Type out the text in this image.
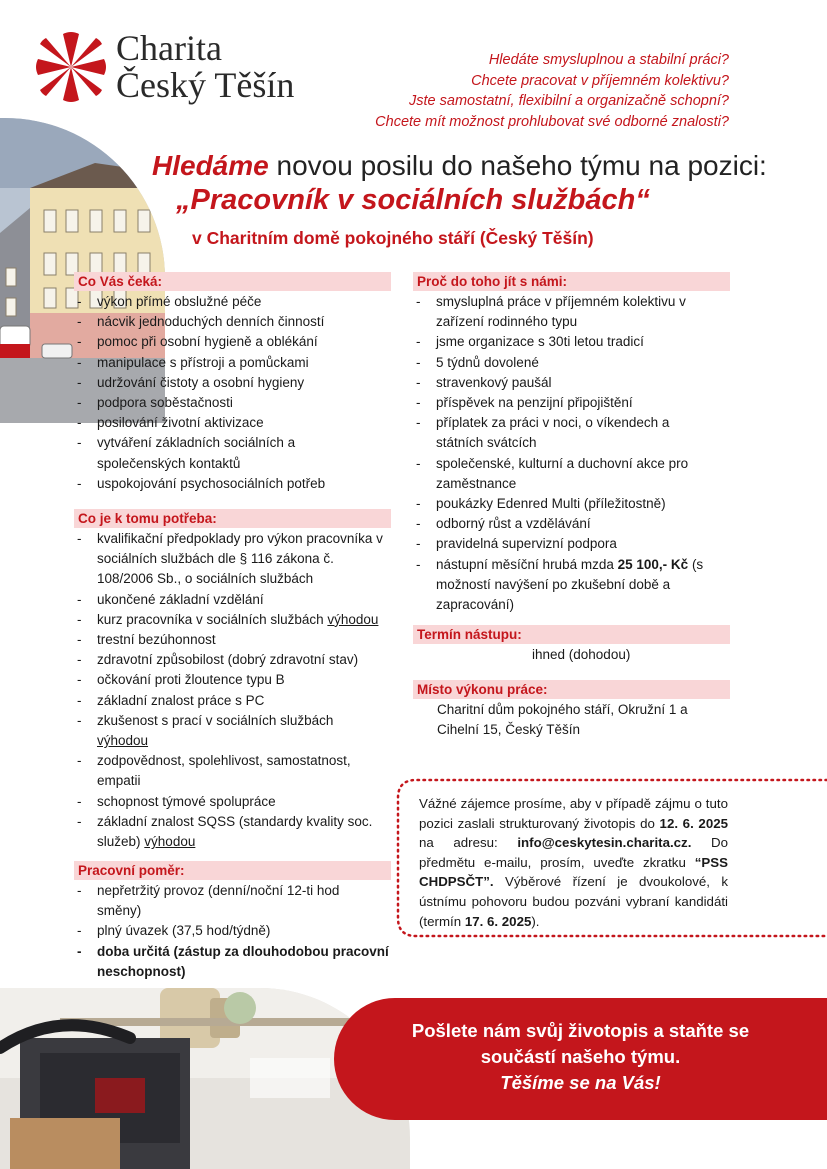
Charita
Český Těšín
Hledáte smysluplnou a stabilní práci?
Chcete pracovat v příjemném kolektivu?
Jste samostatní, flexibilní a organizačně schopní?
Chcete mít možnost prohlubovat své odborné znalosti?
Hledáme novou posilu do našeho týmu na pozici:
„Pracovník v sociálních službách“
v Charitním domě pokojného stáří (Český Těšín)
Co Vás čeká:
- výkon přímé obslužné péče
- nácvik jednoduchých denních činností
- pomoc při osobní hygieně a oblékání
- manipulace s přístroji a pomůckami
- udržování čistoty a osobní hygieny
- podpora soběstačnosti
- posilování životní aktivizace
- vytváření základních sociálních a společenských kontaktů
- uspokojování psychosociálních potřeb
Co je k tomu potřeba:
- kvalifikační předpoklady pro výkon pracovníka v sociálních službách dle § 116 zákona č. 108/2006 Sb., o sociálních službách
- ukončené základní vzdělání
- kurz pracovníka v sociálních službách výhodou
- trestní bezúhonnost
- zdravotní způsobilost (dobrý zdravotní stav)
- očkování proti žloutence typu B
- základní znalost práce s PC
- zkušenost s prací v sociálních službách výhodou
- zodpovědnost, spolehlivost, samostatnost, empatii
- schopnost týmové spolupráce
- základní znalost SQSS (standardy kvality soc. služeb) výhodou
Pracovní poměr:
- nepřetržitý provoz (denní/noční 12-ti hod směny)
- plný úvazek (37,5 hod/týdně)
- doba určitá (zástup za dlouhodobou pracovní neschopnost)
Proč do toho jít s námi:
- smysluplná práce v příjemném kolektivu v zařízení rodinného typu
- jsme organizace s 30ti letou tradicí
- 5 týdnů dovolené
- stravenkový paušál
- příspěvek na penzijní připojištění
- příplatek za práci v noci, o víkendech a státních svátcích
- společenské, kulturní a duchovní akce pro zaměstnance
- poukázky Edenred Multi (příležitostně)
- odborný růst a vzdělávání
- pravidelná supervizní podpora
- nástupní měsíční hrubá mzda 25 100,- Kč (s možností navýšení po zkušební době a zapracování)
Termín nástupu:
ihned (dohodou)
Místo výkonu práce:
Charitní dům pokojného stáří, Okružní 1 a Cihelní 15, Český Těšín
Vážné zájemce prosíme, aby v případě zájmu o tuto pozici zaslali strukturovaný životopis do 12. 6. 2025 na adresu: info@ceskytesin.charita.cz. Do předmětu e-mailu, prosím, uveďte zkratku “PSS CHDPSČT”. Výběrové řízení je dvoukolové, k ústnímu pohovoru budou pozváni vybraní kandidáti (termín 17. 6. 2025).
Pošlete nám svůj životopis a staňte se
součástí našeho týmu.
Těšíme se na Vás!
